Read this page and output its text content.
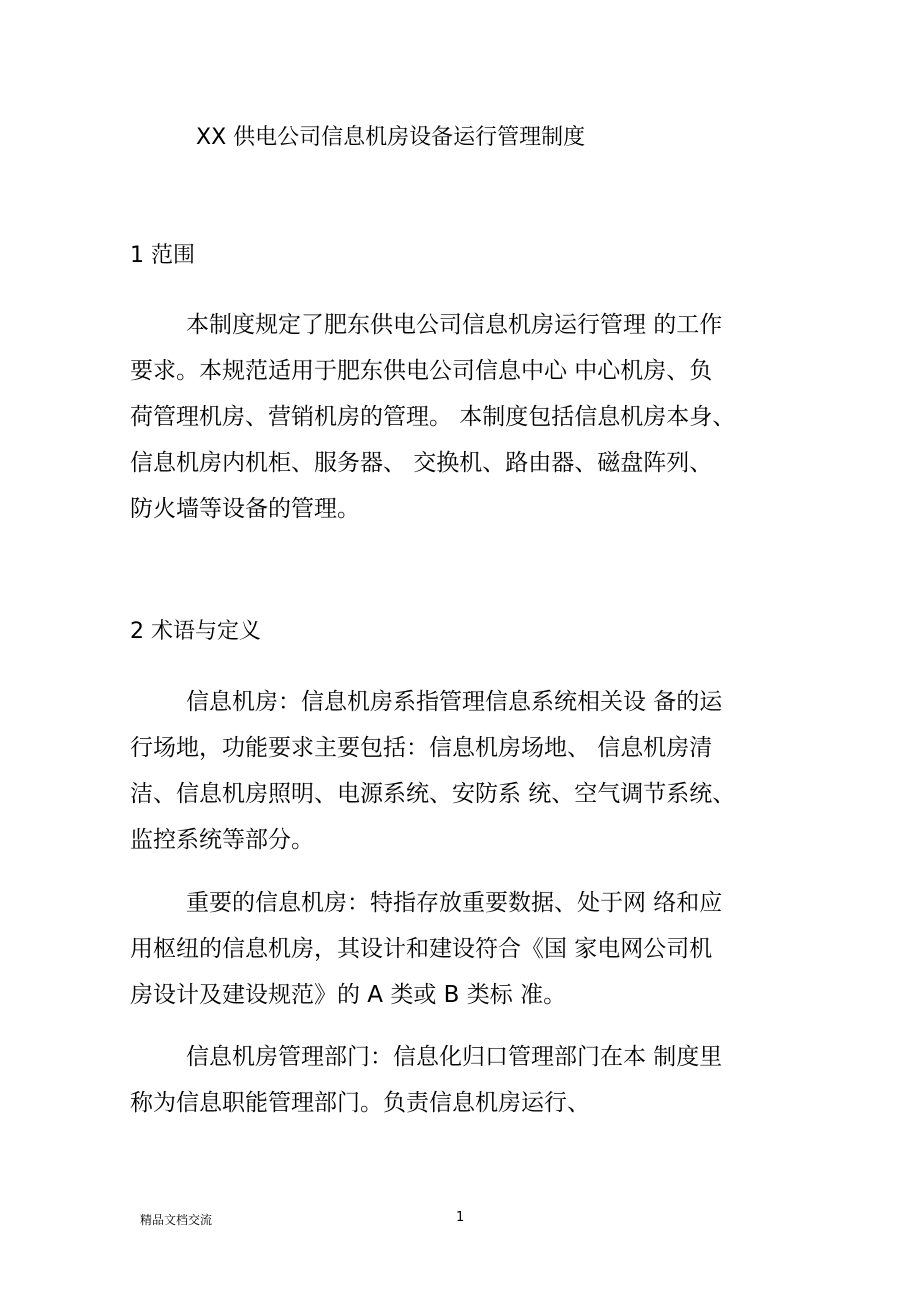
XX 供电公司信息机房设备运行管理制度
1 范围

本制度规定了肥东供电公司信息机房运行管理 的工作
要求。本规范适用于肥东供电公司信息中心 中心机房、负
荷管理机房、营销机房的管理。 本制度包括信息机房本身、
信息机房内机柜、服务器、 交换机、路由器、磁盘阵列、
防火墙等设备的管理。

2 术语与定义

信息机房：信息机房系指管理信息系统相关设 备的运
行场地，功能要求主要包括：信息机房场地、 信息机房清
洁、信息机房照明、电源系统、安防系 统、空气调节系统、
监控系统等部分。

重要的信息机房：特指存放重要数据、处于网 络和应
用枢纽的信息机房，其设计和建设符合《国 家电网公司机
房设计及建设规范》的 A 类或 B 类标 准。

信息机房管理部门：信息化归口管理部门在本 制度里
称为信息职能管理部门。负责信息机房运行、

精品文档交流	1
